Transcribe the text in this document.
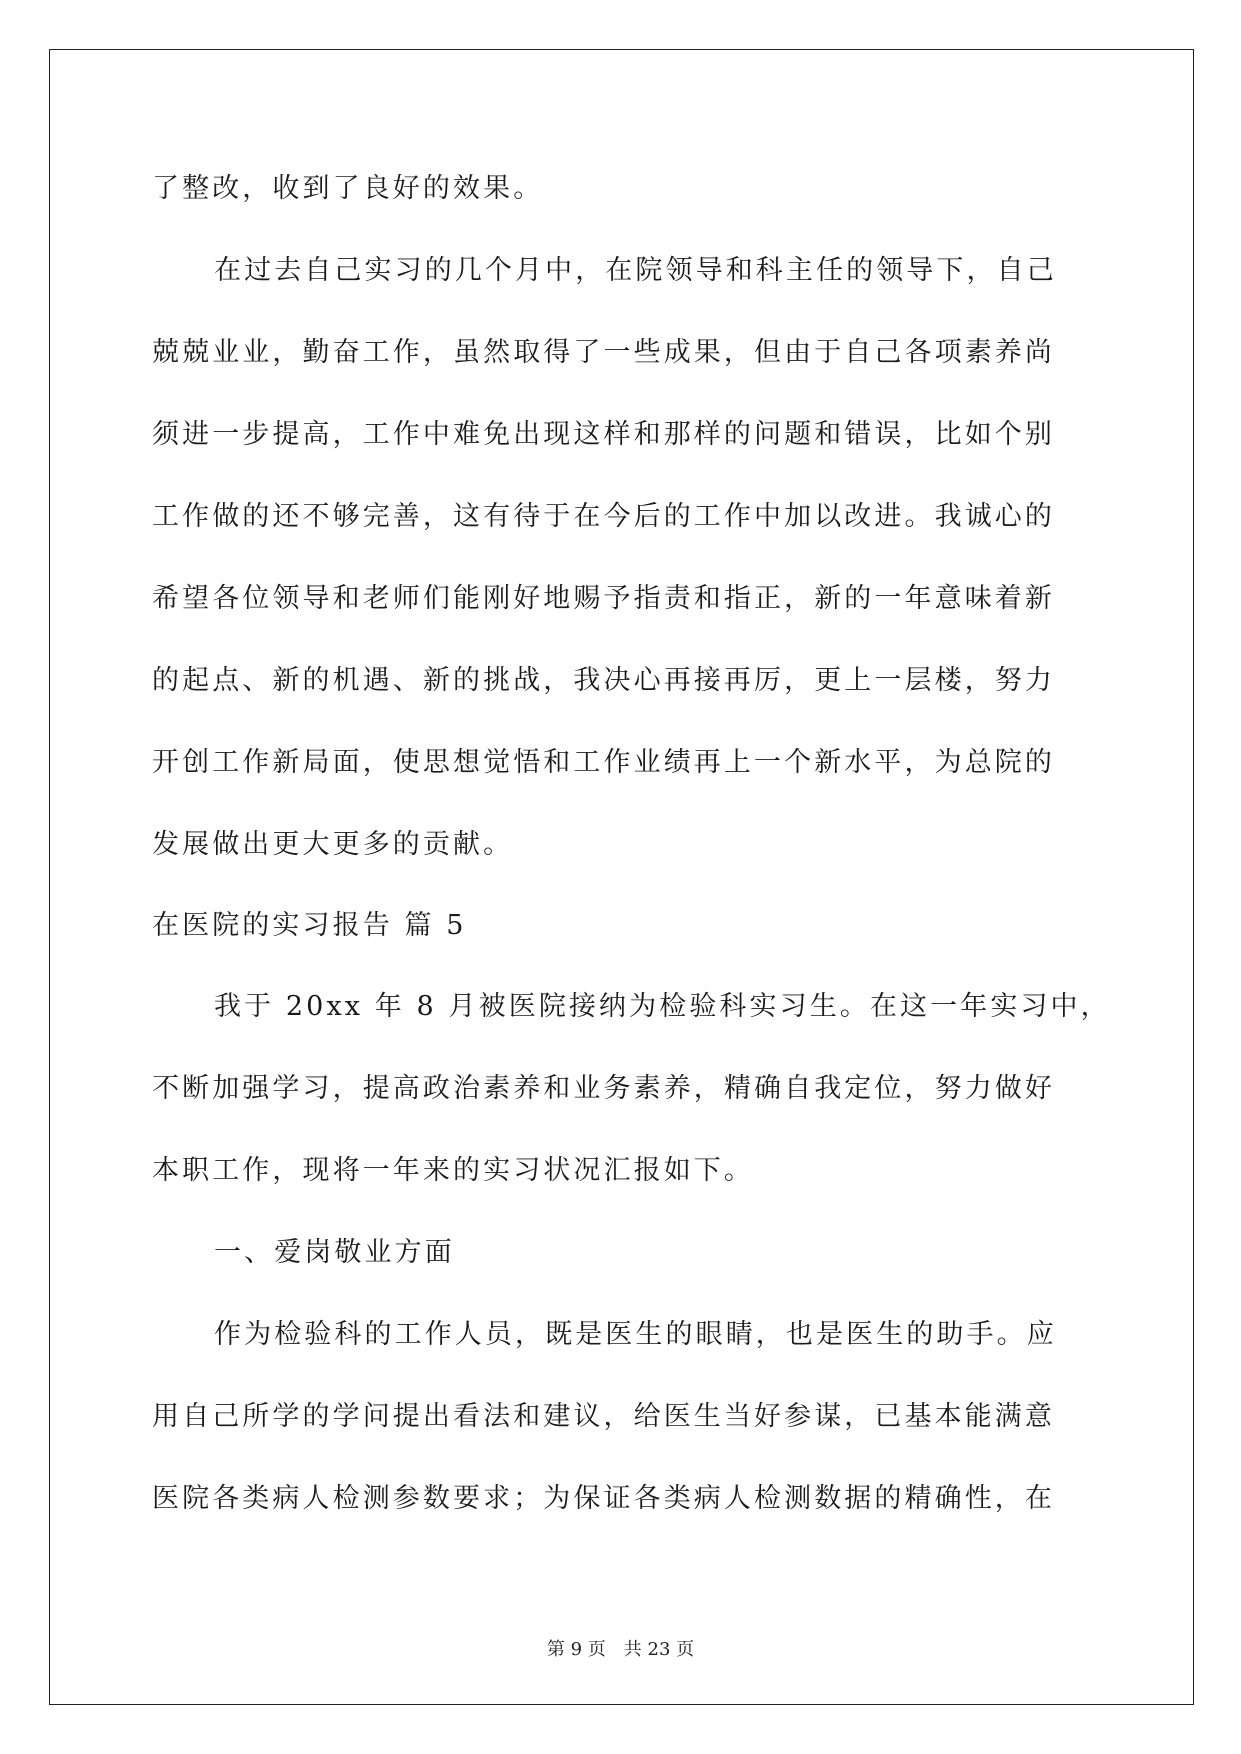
了整改，收到了良好的效果。
在过去自己实习的几个月中，在院领导和科主任的领导下，自己
兢兢业业，勤奋工作，虽然取得了一些成果，但由于自己各项素养尚
须进一步提高，工作中难免出现这样和那样的问题和错误，比如个别
工作做的还不够完善，这有待于在今后的工作中加以改进。我诚心的
希望各位领导和老师们能刚好地赐予指责和指正，新的一年意味着新
的起点、新的机遇、新的挑战，我决心再接再厉，更上一层楼，努力
开创工作新局面，使思想觉悟和工作业绩再上一个新水平，为总院的
发展做出更大更多的贡献。
在医院的实习报告 篇 5
我于 20xx 年 8 月被医院接纳为检验科实习生。在这一年实习中，
不断加强学习，提高政治素养和业务素养，精确自我定位，努力做好
本职工作，现将一年来的实习状况汇报如下。
一、爱岗敬业方面
作为检验科的工作人员，既是医生的眼睛，也是医生的助手。应
用自己所学的学问提出看法和建议，给医生当好参谋，已基本能满意
医院各类病人检测参数要求；为保证各类病人检测数据的精确性，在
第 9 页 共 23 页
